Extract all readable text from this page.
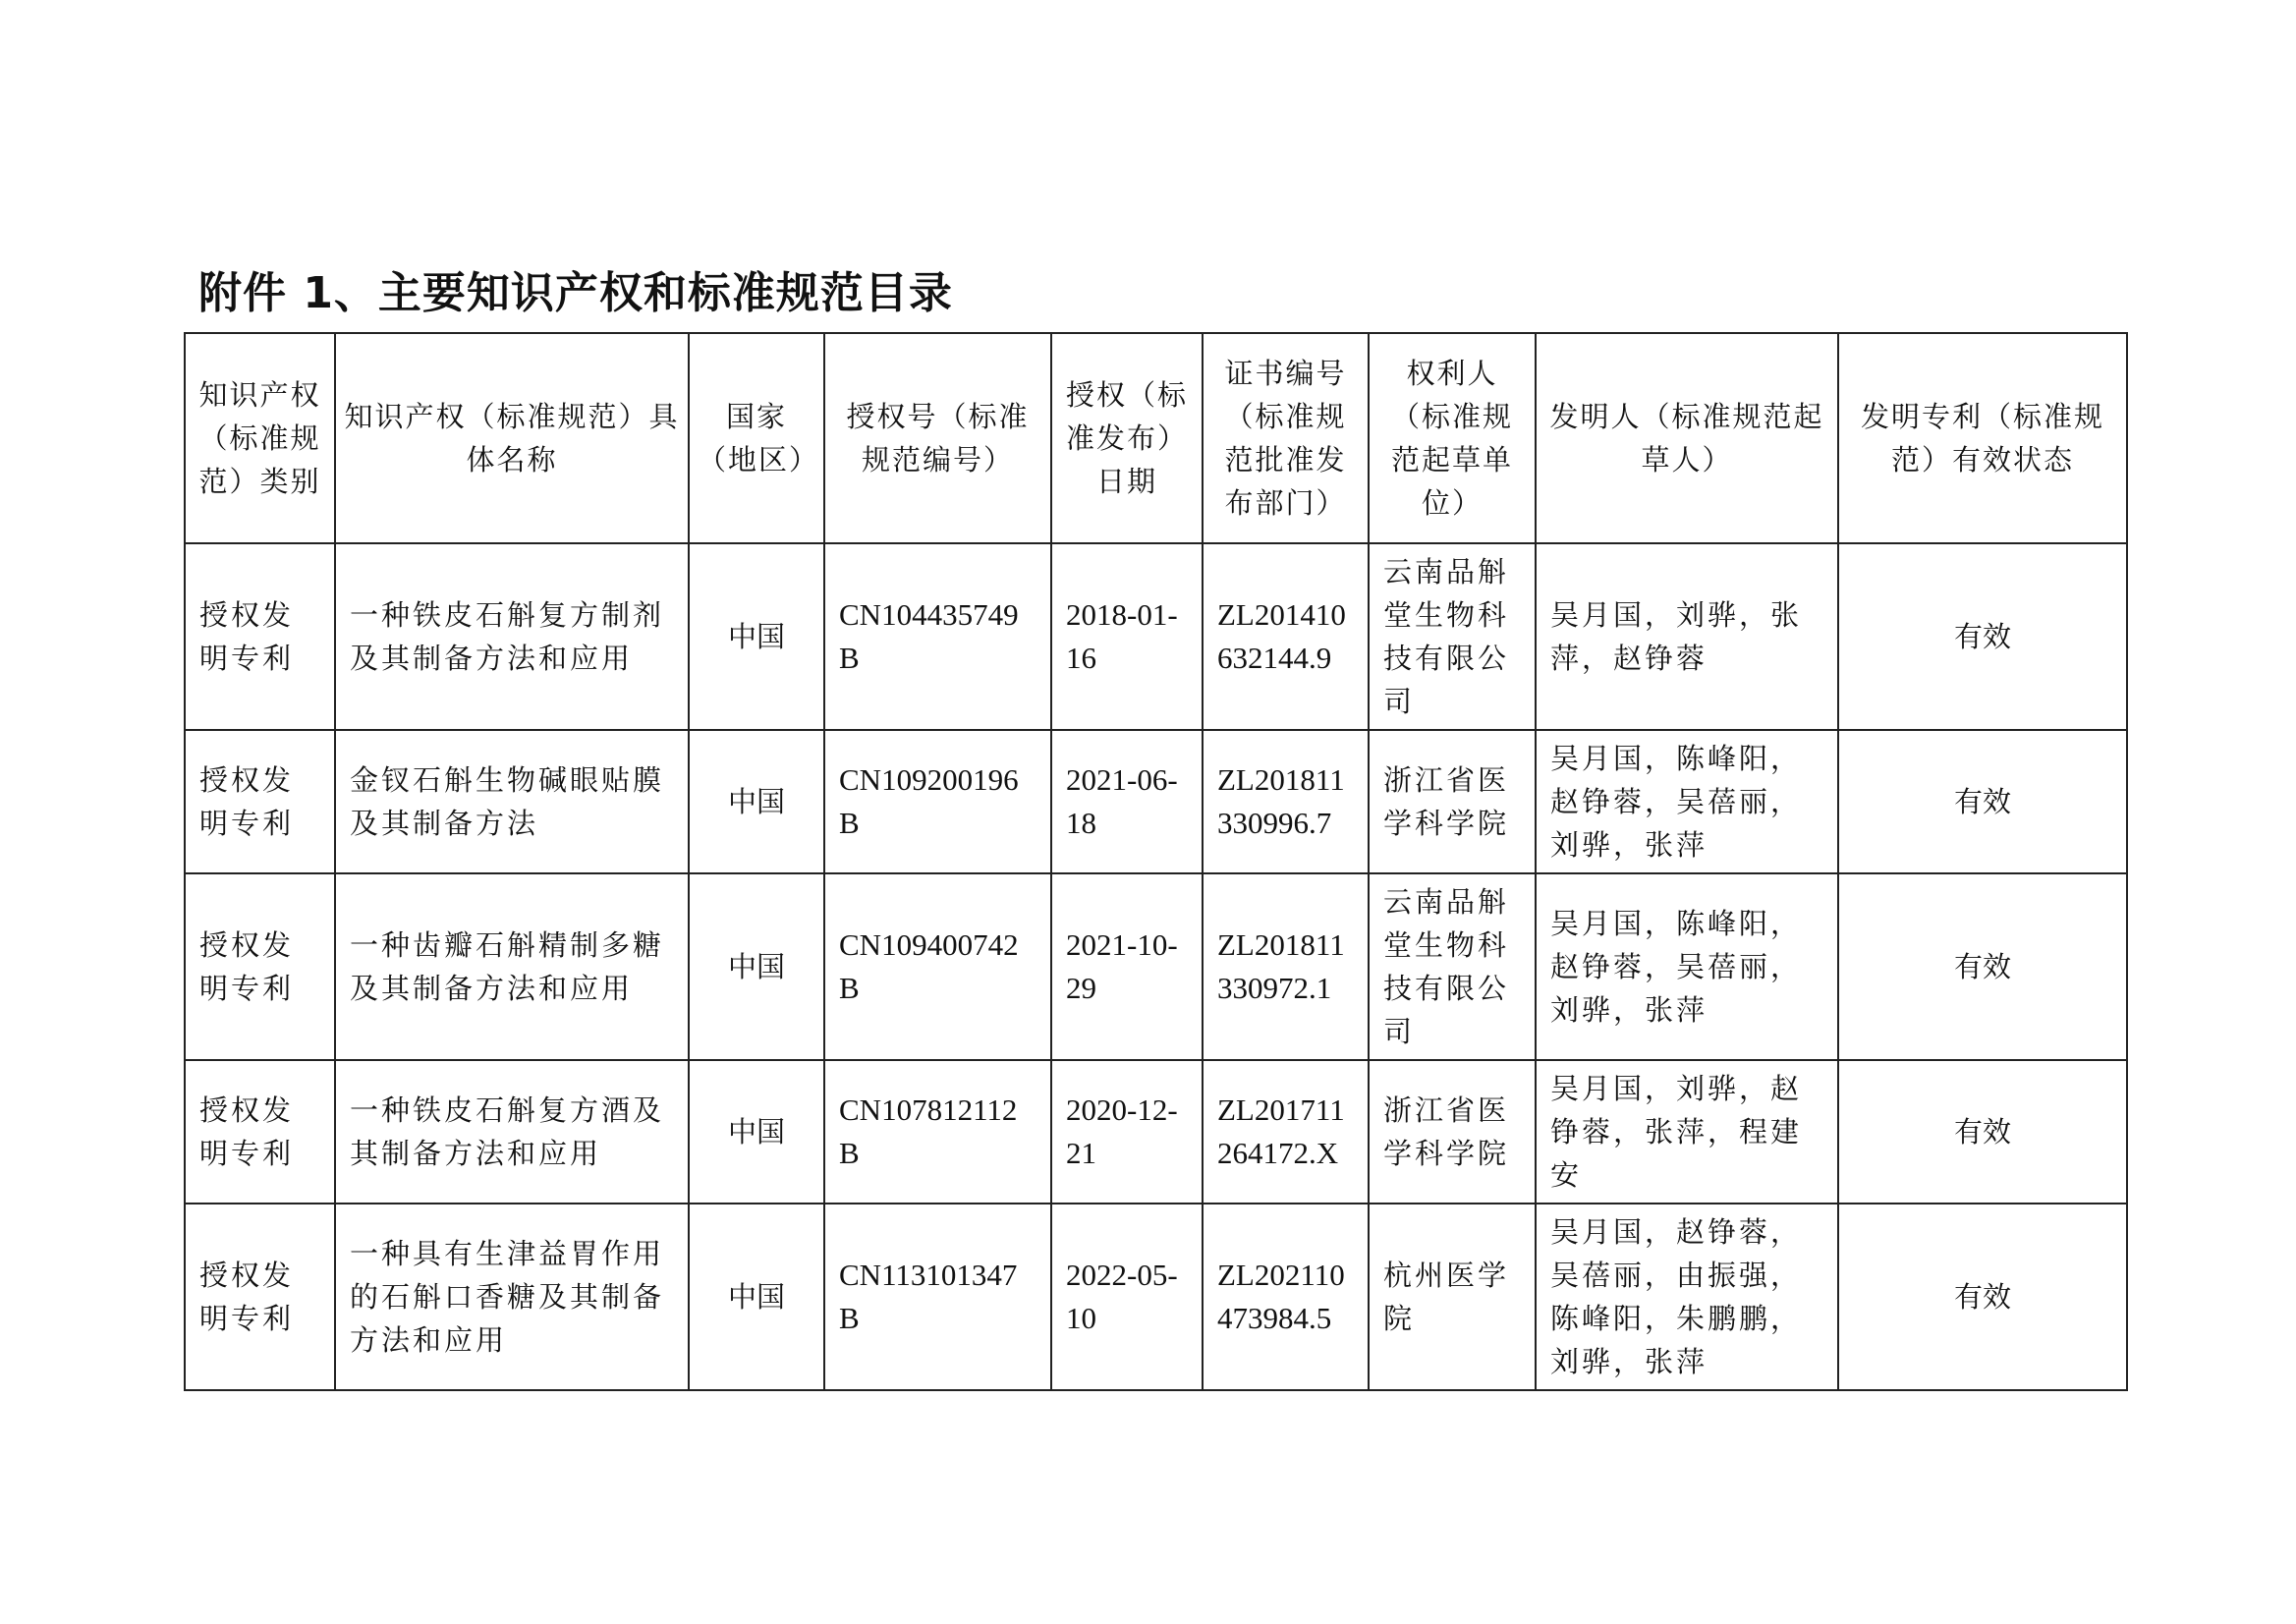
附件 1、主要知识产权和标准规范目录
知识产权（标准规范）类别	知识产权（标准规范）具体名称	国家（地区）	授权号（标准规范编号）	授权（标准发布）日期	证书编号（标准规范批准发布部门）	权利人（标准规范起草单位）	发明人（标准规范起草人）	发明专利（标准规范）有效状态
授权发明专利	一种铁皮石斛复方制剂及其制备方法和应用	中国	CN104435749B	2018-01-16	ZL201410632144.9	云南品斛堂生物科技有限公司	吴月国，刘骅，张萍，赵铮蓉	有效
授权发明专利	金钗石斛生物碱眼贴膜及其制备方法	中国	CN109200196B	2021-06-18	ZL201811330996.7	浙江省医学科学院	吴月国，陈峰阳，赵铮蓉，吴蓓丽，刘骅，张萍	有效
授权发明专利	一种齿瓣石斛精制多糖及其制备方法和应用	中国	CN109400742B	2021-10-29	ZL201811330972.1	云南品斛堂生物科技有限公司	吴月国，陈峰阳，赵铮蓉，吴蓓丽，刘骅，张萍	有效
授权发明专利	一种铁皮石斛复方酒及其制备方法和应用	中国	CN107812112B	2020-12-21	ZL201711264172.X	浙江省医学科学院	吴月国，刘骅，赵铮蓉，张萍，程建安	有效
授权发明专利	一种具有生津益胃作用的石斛口香糖及其制备方法和应用	中国	CN113101347B	2022-05-10	ZL202110473984.5	杭州医学院	吴月国，赵铮蓉，吴蓓丽，由振强，陈峰阳，朱鹏鹏，刘骅，张萍	有效
